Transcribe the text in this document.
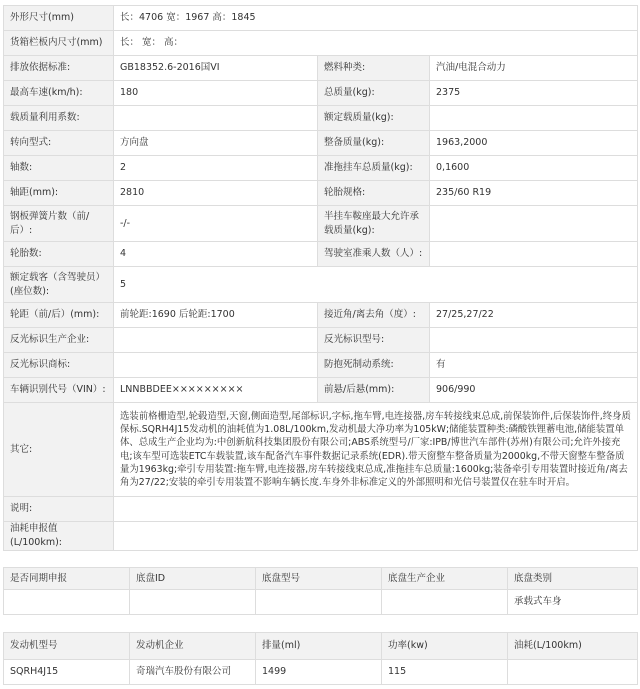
外形尺寸(mm)	长：4706 宽：1967 高：1845		
货箱栏板内尺寸(mm)	长： 宽： 高：		
排放依据标准:	GB18352.6-2016国VI	燃料种类:	汽油/电混合动力
最高车速(km/h):	180	总质量(kg):	2375
载质量利用系数:		额定载质量(kg):	
转向型式:	方向盘	整备质量(kg):	1963,2000
轴数:	2	准拖挂车总质量(kg):	0,1600
轴距(mm):	2810	轮胎规格:	235/60 R19
钢板弹簧片数（前/后）:	-/-	半挂车鞍座最大允许承载质量(kg):	
轮胎数:	4	驾驶室准乘人数（人）:	
额定载客（含驾驶员）(座位数):	5		
轮距（前/后）(mm):	前轮距:1690 后轮距:1700	接近角/离去角（度）:	27/25,27/22
反光标识生产企业:		反光标识型号:	
反光标识商标:		防抱死制动系统:	有
车辆识别代号（VIN）:	LNNBBDEE×××××××××	前悬/后悬(mm):	906/990
其它:	选装前格栅造型,轮毂造型,天窗,侧面造型,尾部标识,字标,拖车臂,电连接器,房车转接线束总成,前保装饰件,后保装饰件,终身质保标.SQRH4J15发动机的油耗值为1.08L/100km,发动机最大净功率为105kW;储能装置种类:磷酸铁锂蓄电池,储能装置单体、总成生产企业均为:中创新航科技集团股份有限公司;ABS系统型号/厂家:IPB/博世汽车部件(苏州)有限公司;允许外接充电;该车型可选装ETC车载装置,该车配备汽车事件数据记录系统(EDR).带天窗整车整备质量为2000kg,不带天窗整车整备质量为1963kg;牵引专用装置:拖车臂,电连接器,房车转接线束总成,准拖挂车总质量:1600kg;装备牵引专用装置时接近角/离去角为27/22;安装的牵引专用装置不影响车辆长度.车身外非标准定义的外部照明和光信号装置仅在驻车时开启。		
说明:			
油耗申报值(L/100km):			
是否同期申报	底盘ID	底盘型号	底盘生产企业	底盘类别
				承载式车身
发动机型号	发动机企业	排量(ml)	功率(kw)	油耗(L/100km)
SQRH4J15	奇瑞汽车股份有限公司	1499	115	
